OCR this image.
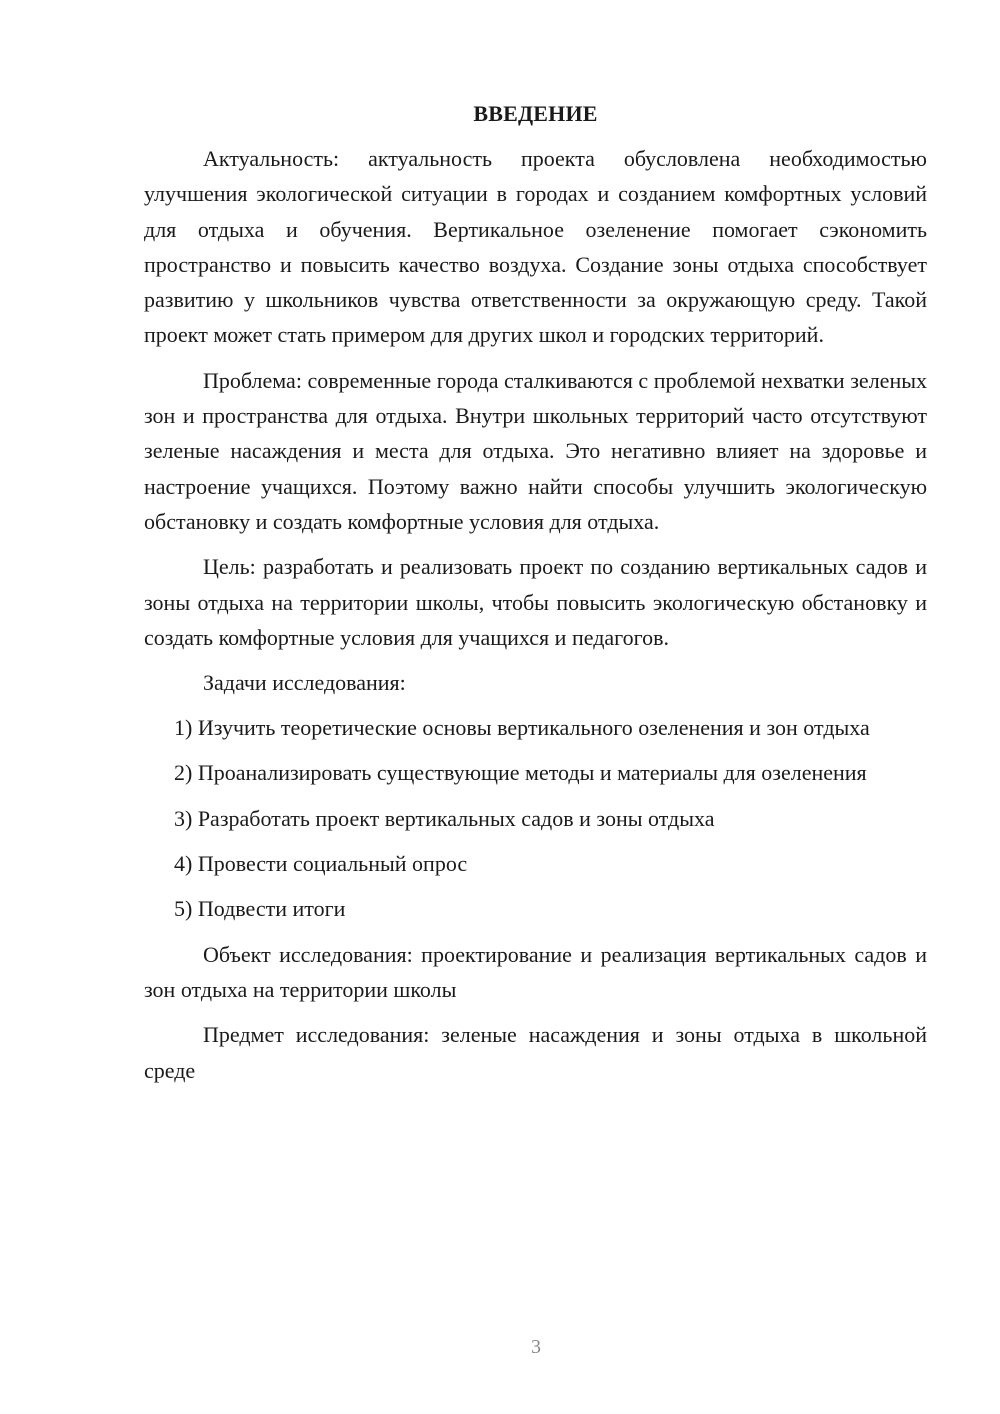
ВВЕДЕНИЕ

Актуальность: актуальность проекта обусловлена необходимостью улучшения экологической ситуации в городах и созданием комфортных условий для отдыха и обучения. Вертикальное озеленение помогает сэкономить пространство и повысить качество воздуха. Создание зоны отдыха способствует развитию у школьников чувства ответственности за окружающую среду. Такой проект может стать примером для других школ и городских территорий.

Проблема: современные города сталкиваются с проблемой нехватки зеленых зон и пространства для отдыха. Внутри школьных территорий часто отсутствуют зеленые насаждения и места для отдыха. Это негативно влияет на здоровье и настроение учащихся. Поэтому важно найти способы улучшить экологическую обстановку и создать комфортные условия для отдыха.

Цель: разработать и реализовать проект по созданию вертикальных садов и зоны отдыха на территории школы, чтобы повысить экологическую обстановку и создать комфортные условия для учащихся и педагогов.

Задачи исследования:

1) Изучить теоретические основы вертикального озеленения и зон отдыха

2) Проанализировать существующие методы и материалы для озеленения

3) Разработать проект вертикальных садов и зоны отдыха

4) Провести социальный опрос

5) Подвести итоги

Объект исследования: проектирование и реализация вертикальных садов и зон отдыха на территории школы

Предмет исследования: зеленые насаждения и зоны отдыха в школьной среде

3
